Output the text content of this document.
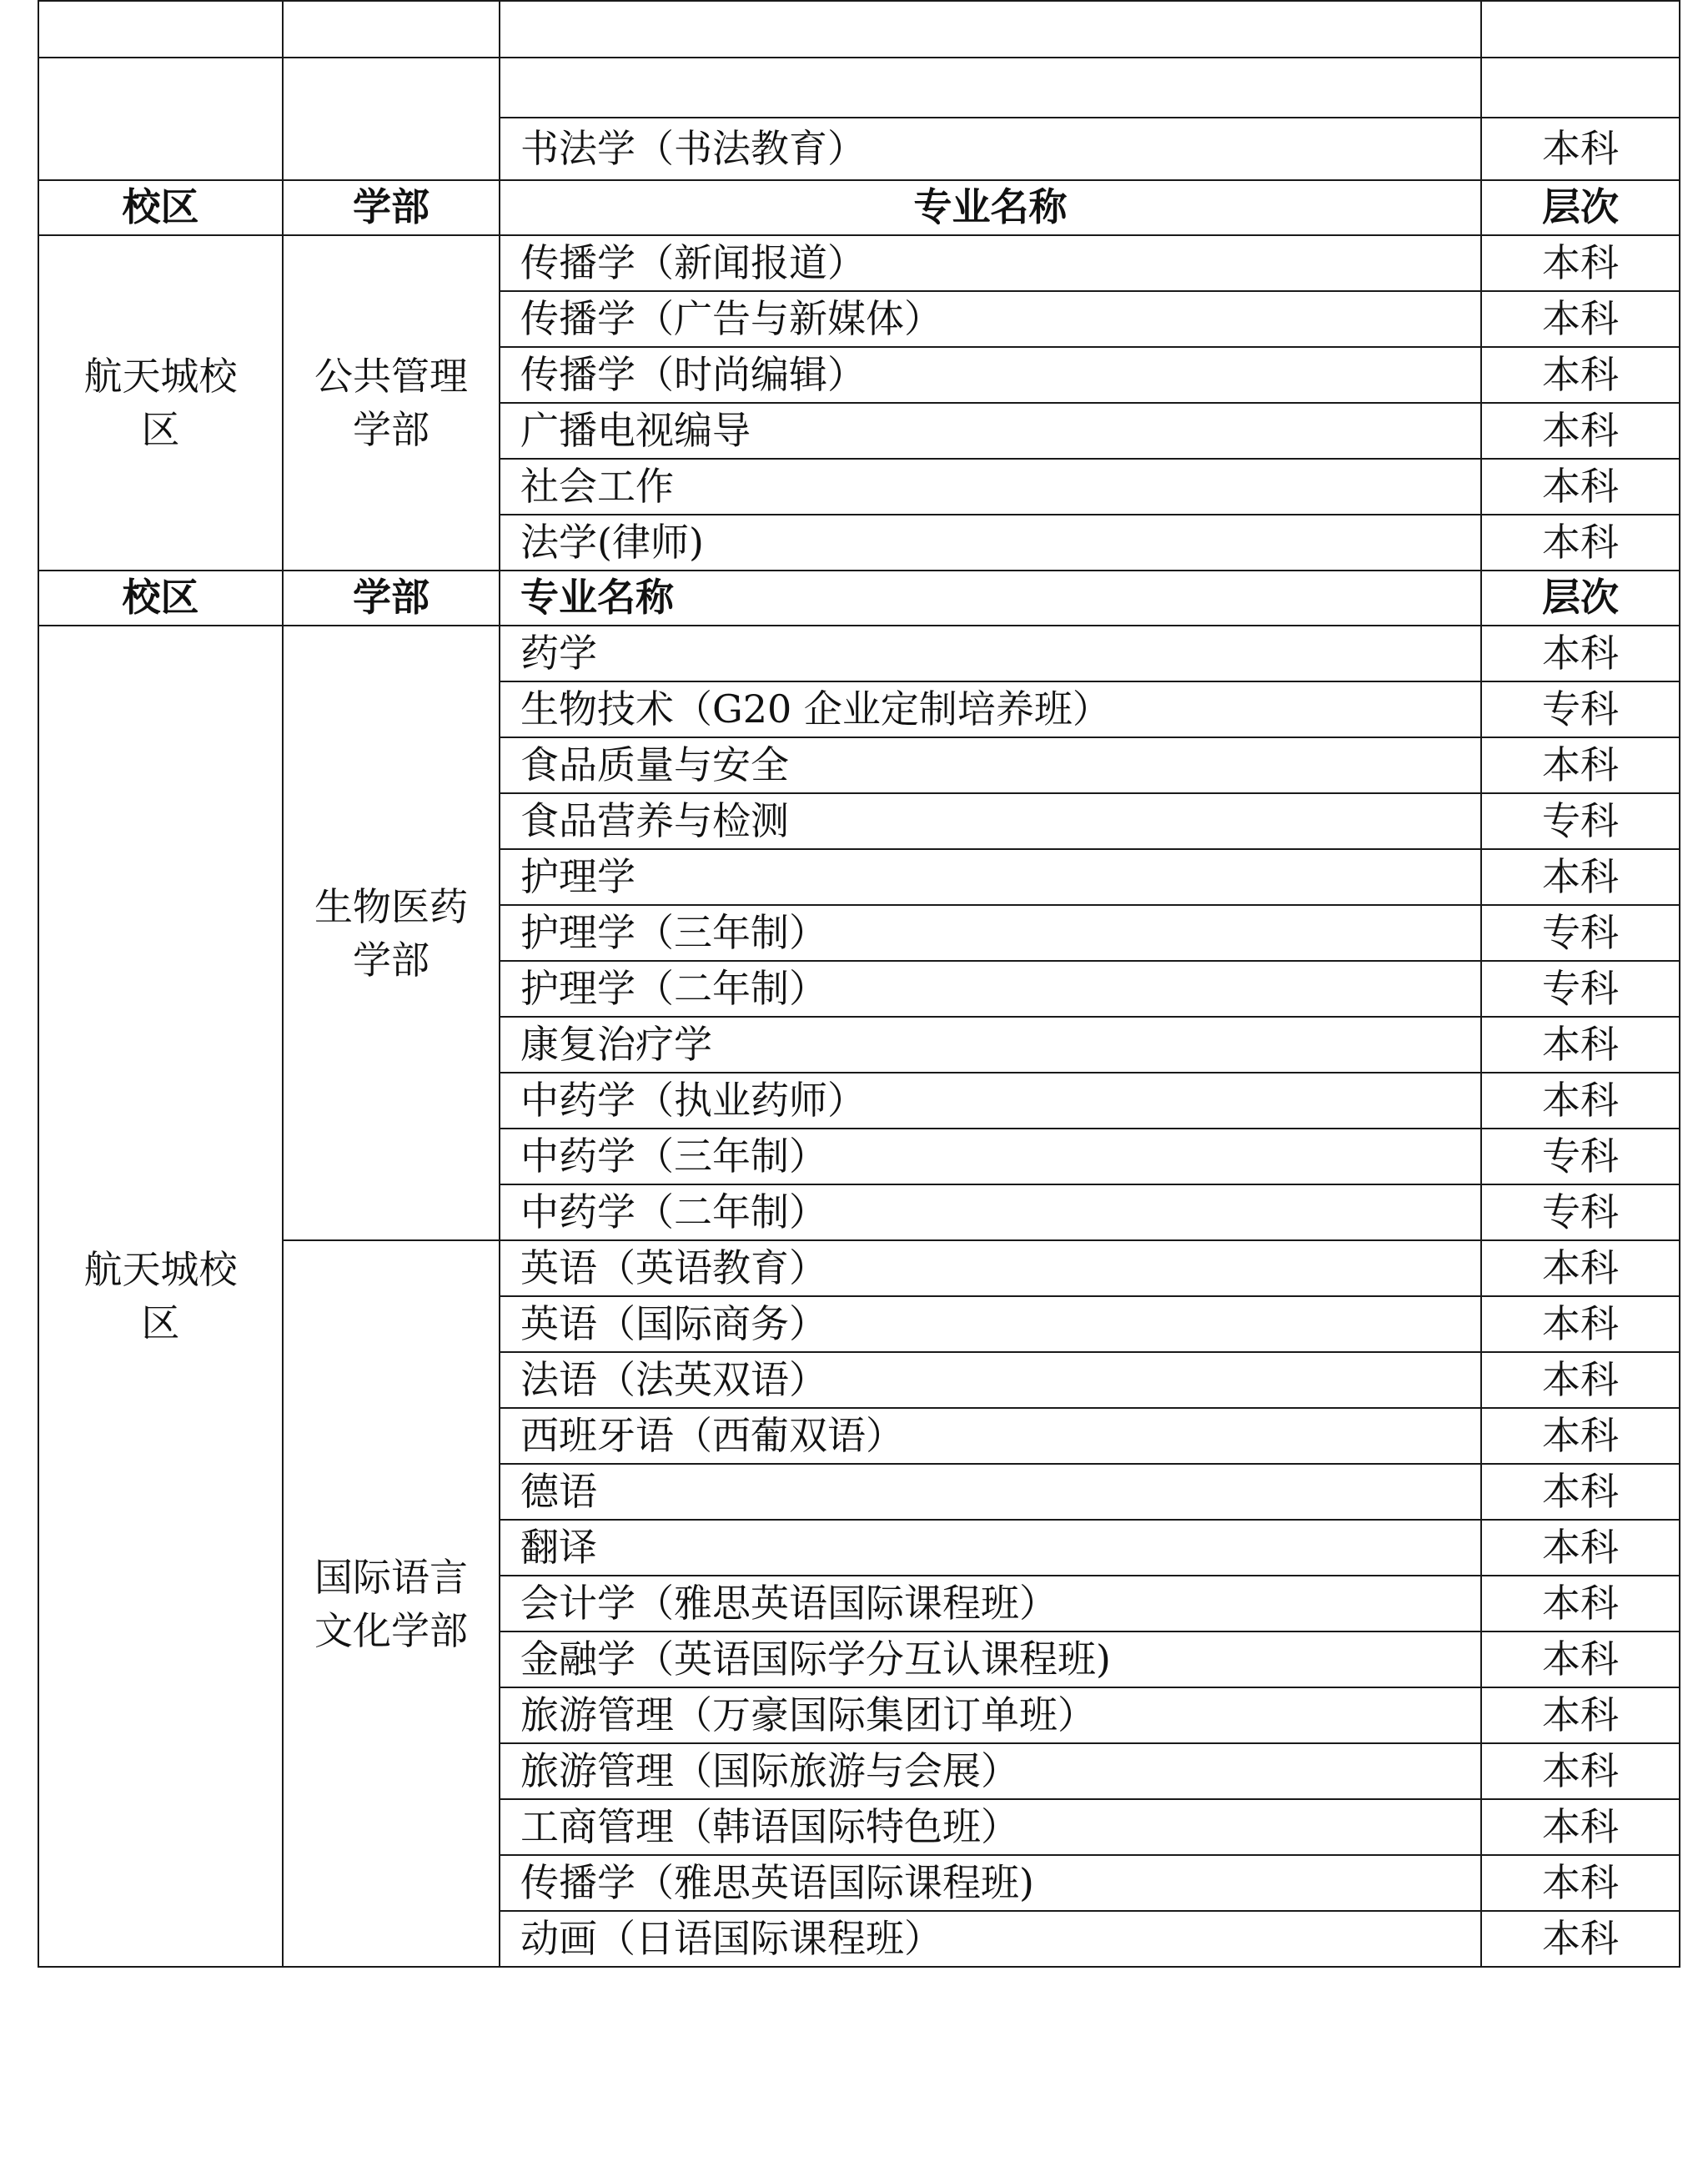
		书法学（书法教育）	本科
校区	学部	专业名称	层次
航天城校区	公共管理学部	传播学（新闻报道）	本科
		传播学（广告与新媒体）	本科
		传播学（时尚编辑）	本科
		广播电视编导	本科
		社会工作	本科
		法学(律师)	本科
校区	学部	专业名称	层次
航天城校区	生物医药学部	药学	本科
		生物技术（G20 企业定制培养班）	专科
		食品质量与安全	本科
		食品营养与检测	专科
		护理学	本科
		护理学（三年制）	专科
		护理学（二年制）	专科
		康复治疗学	本科
		中药学（执业药师）	本科
		中药学（三年制）	专科
		中药学（二年制）	专科
	国际语言文化学部	英语（英语教育）	本科
		英语（国际商务）	本科
		法语（法英双语）	本科
		西班牙语（西葡双语）	本科
		德语	本科
		翻译	本科
		会计学（雅思英语国际课程班）	本科
		金融学（英语国际学分互认课程班)	本科
		旅游管理（万豪国际集团订单班）	本科
		旅游管理（国际旅游与会展）	本科
		工商管理（韩语国际特色班）	本科
		传播学（雅思英语国际课程班)	本科
		动画（日语国际课程班）	本科
